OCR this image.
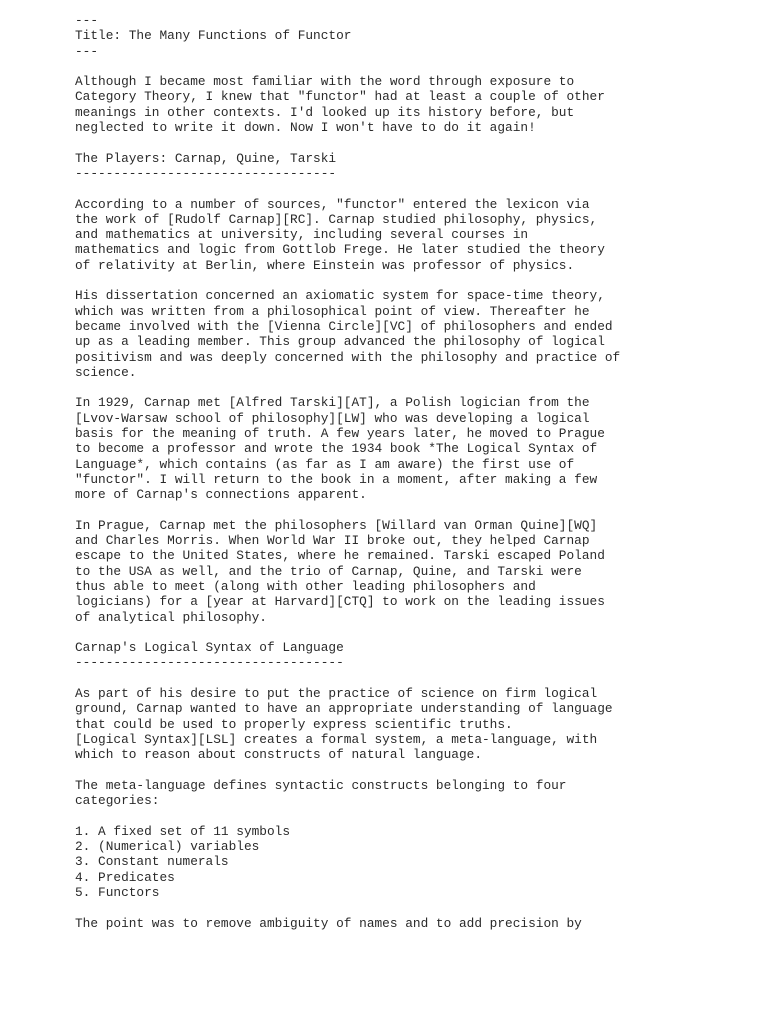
---
Title: The Many Functions of Functor
---
Although I became most familiar with the word through exposure to
Category Theory, I knew that "functor" had at least a couple of other
meanings in other contexts. I'd looked up its history before, but
neglected to write it down. Now I won't have to do it again!
The Players: Carnap, Quine, Tarski
----------------------------------
According to a number of sources, "functor" entered the lexicon via
the work of [Rudolf Carnap][RC]. Carnap studied philosophy, physics,
and mathematics at university, including several courses in
mathematics and logic from Gottlob Frege. He later studied the theory
of relativity at Berlin, where Einstein was professor of physics.
His dissertation concerned an axiomatic system for space-time theory,
which was written from a philosophical point of view. Thereafter he
became involved with the [Vienna Circle][VC] of philosophers and ended
up as a leading member. This group advanced the philosophy of logical
positivism and was deeply concerned with the philosophy and practice of
science.
In 1929, Carnap met [Alfred Tarski][AT], a Polish logician from the
[Lvov-Warsaw school of philosophy][LW] who was developing a logical
basis for the meaning of truth. A few years later, he moved to Prague
to become a professor and wrote the 1934 book *The Logical Syntax of
Language*, which contains (as far as I am aware) the first use of
"functor". I will return to the book in a moment, after making a few
more of Carnap's connections apparent.
In Prague, Carnap met the philosophers [Willard van Orman Quine][WQ]
and Charles Morris. When World War II broke out, they helped Carnap
escape to the United States, where he remained. Tarski escaped Poland
to the USA as well, and the trio of Carnap, Quine, and Tarski were
thus able to meet (along with other leading philosophers and
logicians) for a [year at Harvard][CTQ] to work on the leading issues
of analytical philosophy.
Carnap's Logical Syntax of Language
-----------------------------------
As part of his desire to put the practice of science on firm logical
ground, Carnap wanted to have an appropriate understanding of language
that could be used to properly express scientific truths.
[Logical Syntax][LSL] creates a formal system, a meta-language, with
which to reason about constructs of natural language.
The meta-language defines syntactic constructs belonging to four
categories:
1. A fixed set of 11 symbols
2. (Numerical) variables
3. Constant numerals
4. Predicates
5. Functors
The point was to remove ambiguity of names and to add precision by
